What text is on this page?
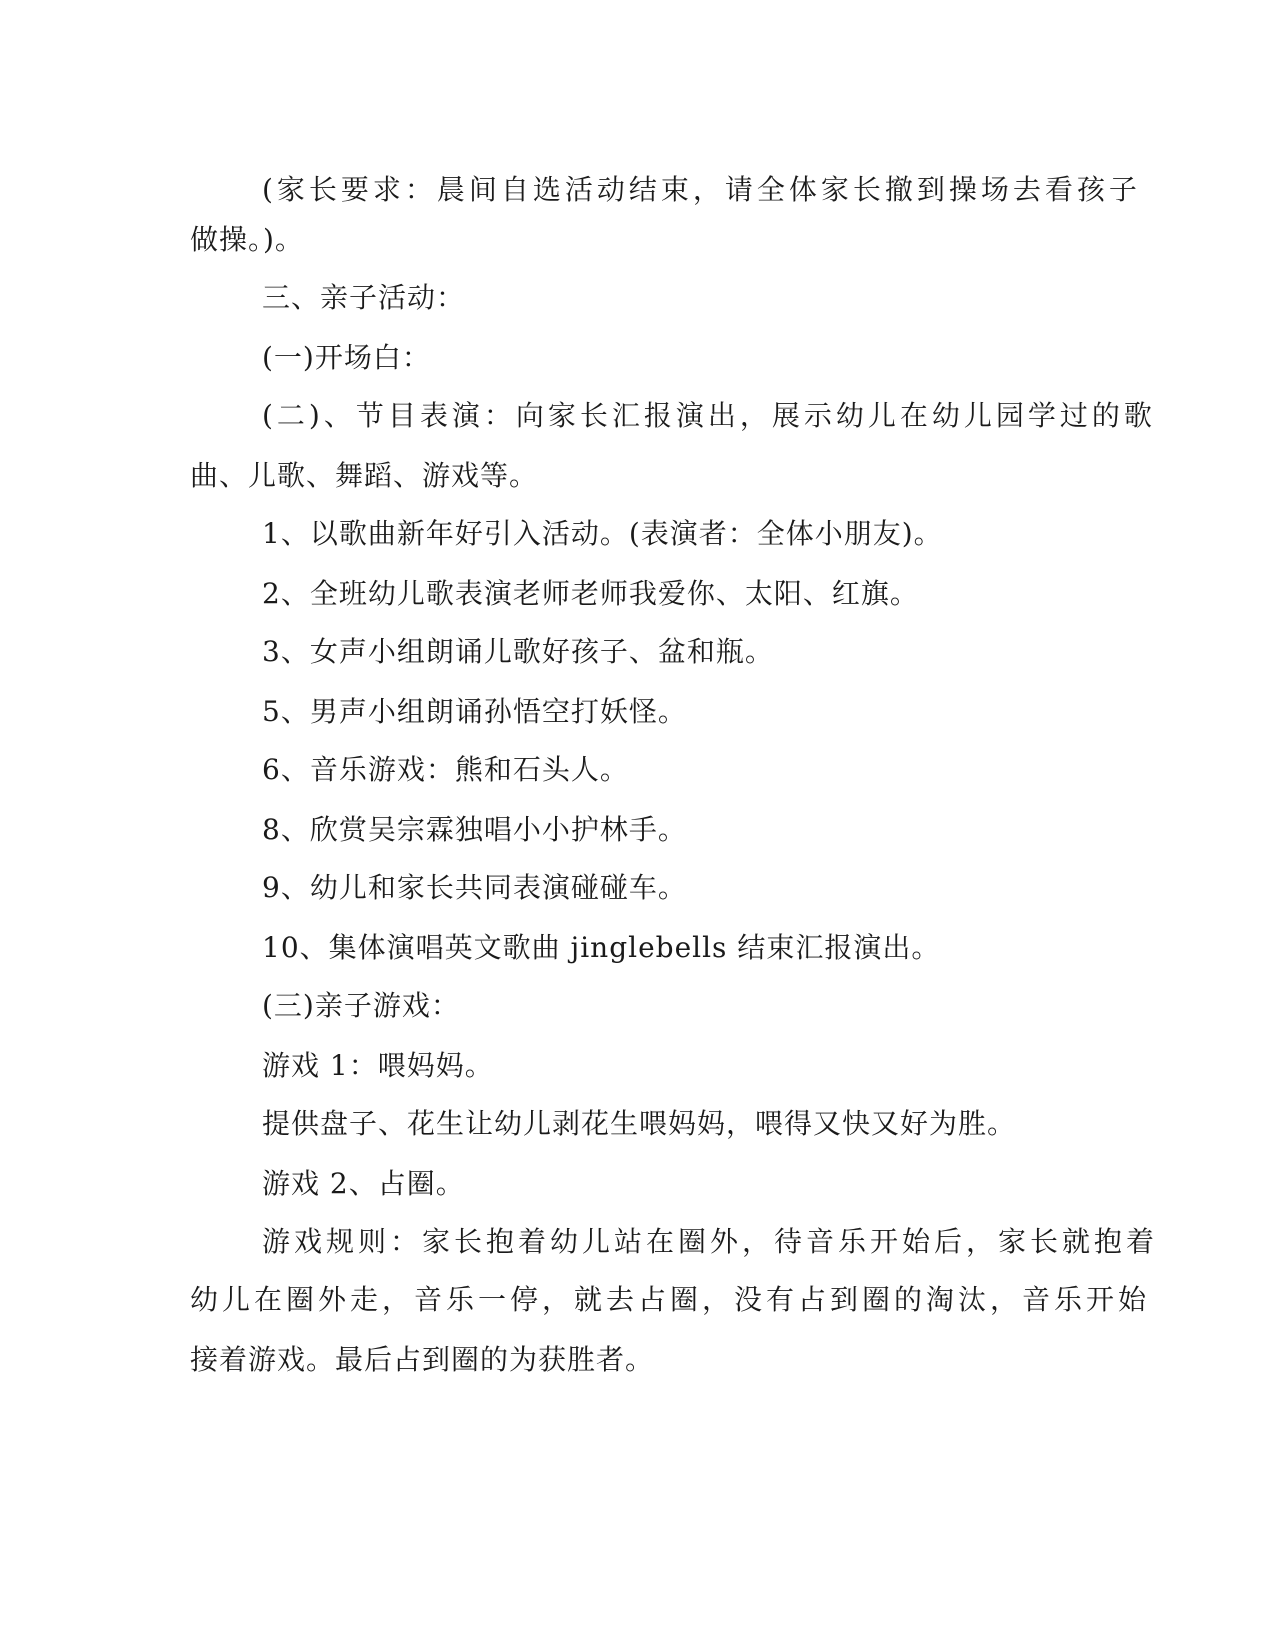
(家长要求：晨间自选活动结束，请全体家长撤到操场去看孩子
做操。)。
三、亲子活动：
(一)开场白：
(二)、节目表演：向家长汇报演出，展示幼儿在幼儿园学过的歌
曲、儿歌、舞蹈、游戏等。
1、以歌曲新年好引入活动。(表演者：全体小朋友)。
2、全班幼儿歌表演老师老师我爱你、太阳、红旗。
3、女声小组朗诵儿歌好孩子、盆和瓶。
5、男声小组朗诵孙悟空打妖怪。
6、音乐游戏：熊和石头人。
8、欣赏吴宗霖独唱小小护林手。
9、幼儿和家长共同表演碰碰车。
10、集体演唱英文歌曲 jinglebells 结束汇报演出。
(三)亲子游戏：
游戏 1：喂妈妈。
提供盘子、花生让幼儿剥花生喂妈妈，喂得又快又好为胜。
游戏 2、占圈。
游戏规则：家长抱着幼儿站在圈外，待音乐开始后，家长就抱着
幼儿在圈外走，音乐一停，就去占圈，没有占到圈的淘汰，音乐开始
接着游戏。最后占到圈的为获胜者。
